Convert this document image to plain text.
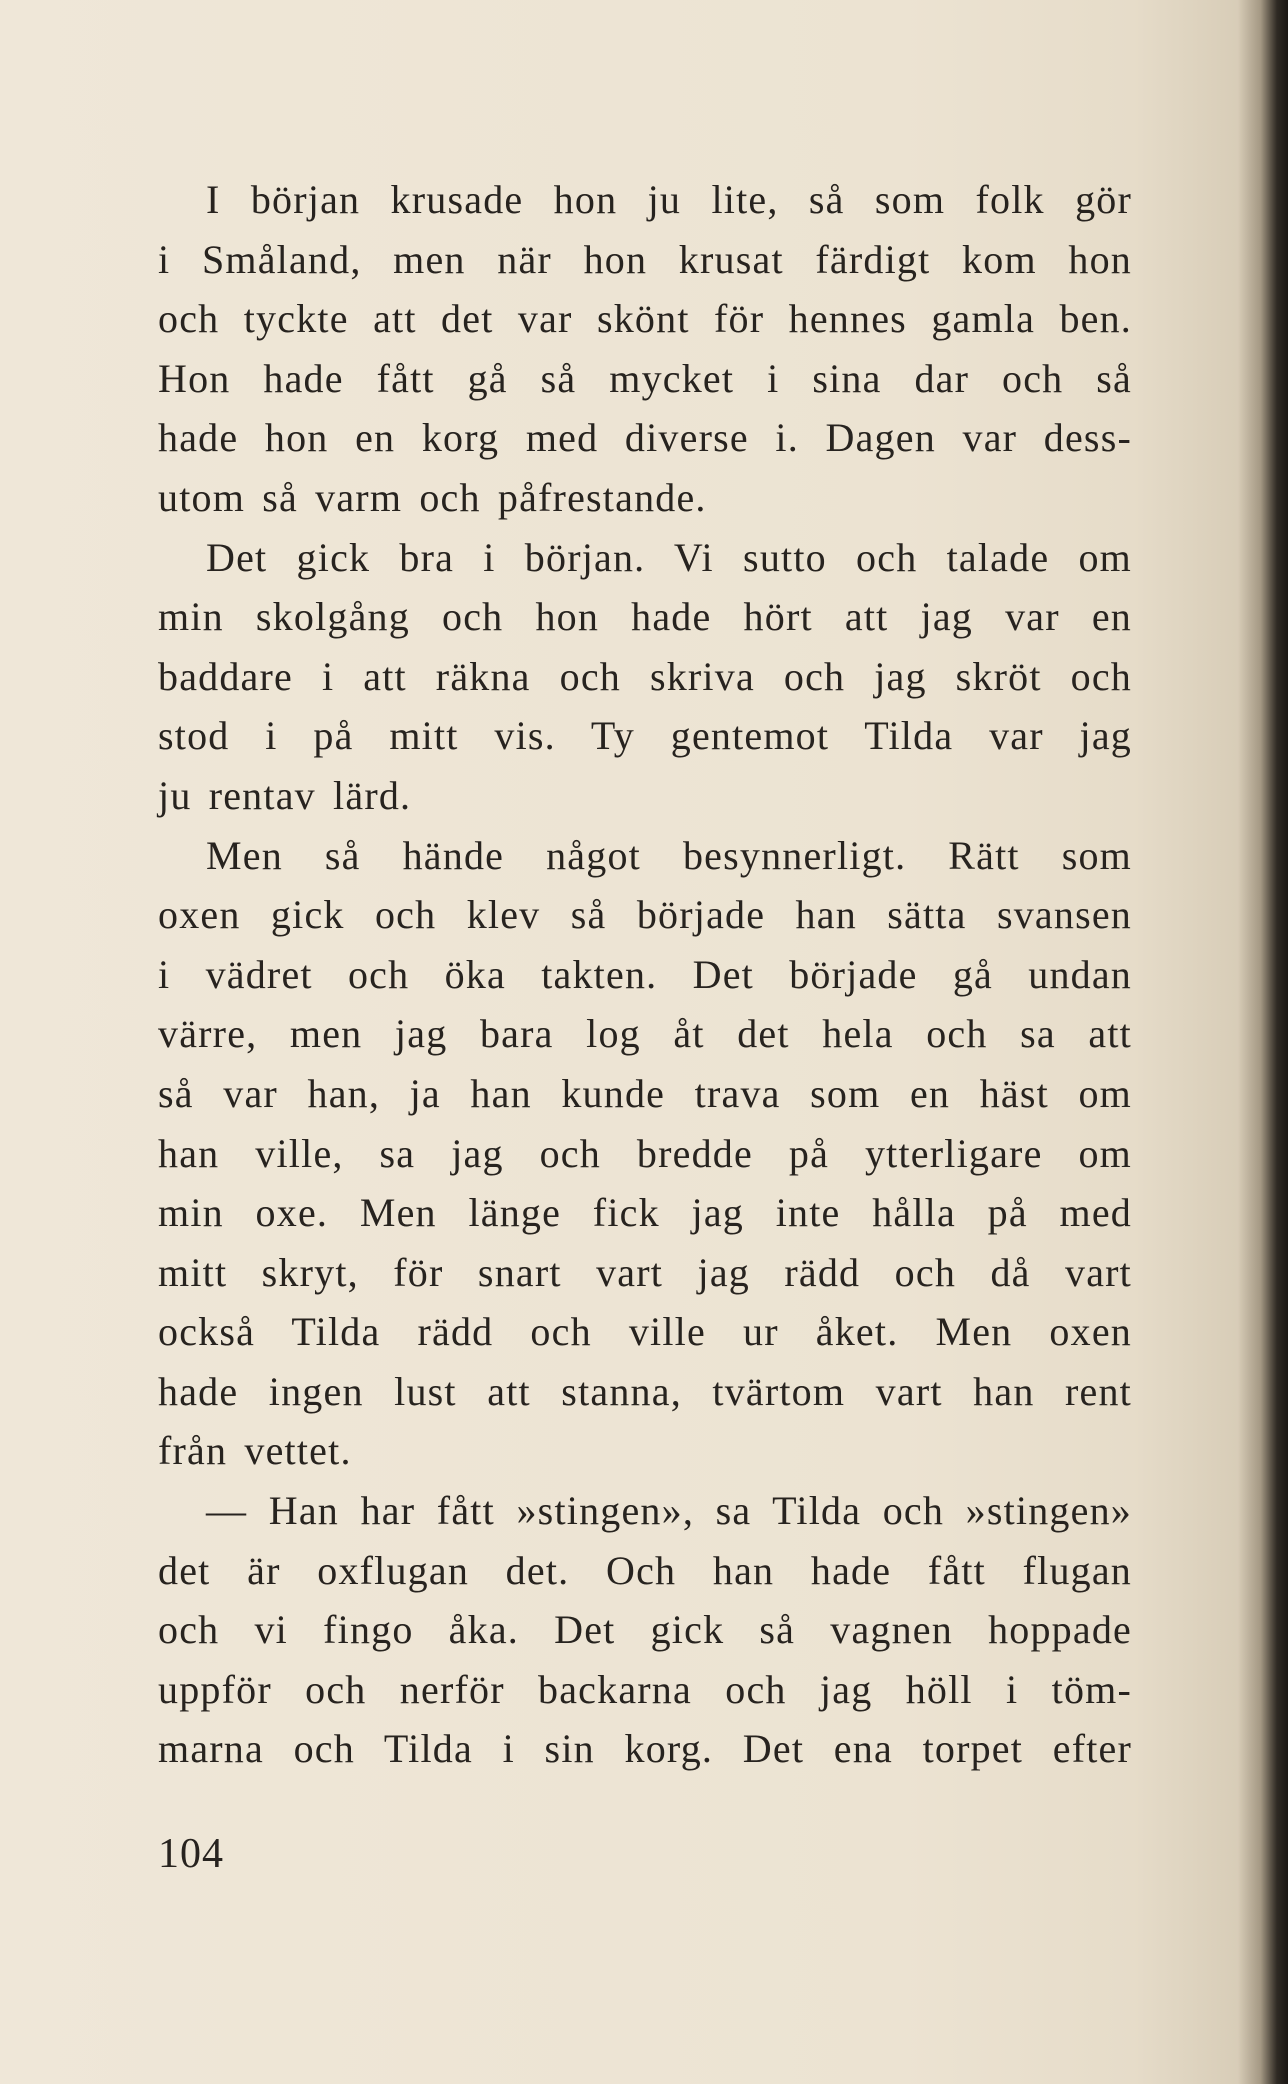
I början krusade hon ju lite, så som folk gör
i Småland, men när hon krusat färdigt kom hon
och tyckte att det var skönt för hennes gamla ben.
Hon hade fått gå så mycket i sina dar och så
hade hon en korg med diverse i. Dagen var dess-
utom så varm och påfrestande.
Det gick bra i början. Vi sutto och talade om
min skolgång och hon hade hört att jag var en
baddare i att räkna och skriva och jag skröt och
stod i på mitt vis. Ty gentemot Tilda var jag
ju rentav lärd.
Men så hände något besynnerligt. Rätt som
oxen gick och klev så började han sätta svansen
i vädret och öka takten. Det började gå undan
värre, men jag bara log åt det hela och sa att
så var han, ja han kunde trava som en häst om
han ville, sa jag och bredde på ytterligare om
min oxe. Men länge fick jag inte hålla på med
mitt skryt, för snart vart jag rädd och då vart
också Tilda rädd och ville ur åket. Men oxen
hade ingen lust att stanna, tvärtom vart han rent
från vettet.
— Han har fått »stingen», sa Tilda och »stingen»
det är oxflugan det. Och han hade fått flugan
och vi fingo åka. Det gick så vagnen hoppade
uppför och nerför backarna och jag höll i töm-
marna och Tilda i sin korg. Det ena torpet efter
104
